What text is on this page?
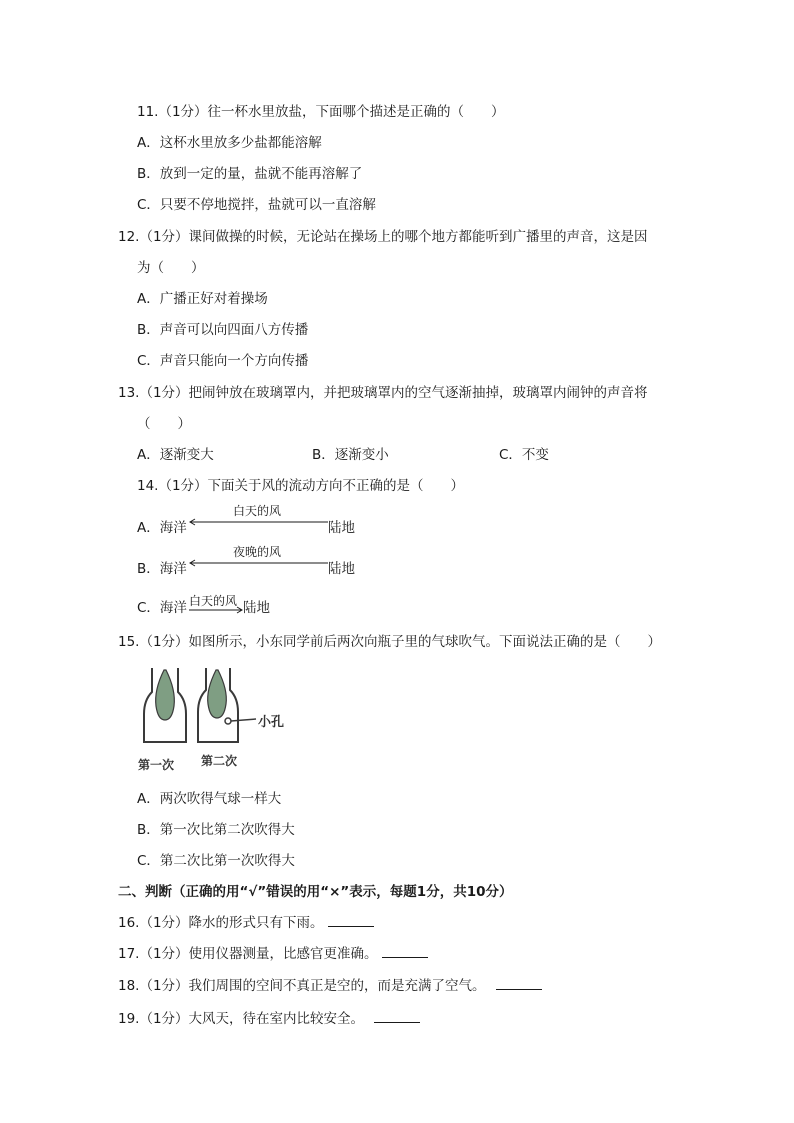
11.（1分）往一杯水里放盐，下面哪个描述是正确的（　　）
A．这杯水里放多少盐都能溶解
B．放到一定的量，盐就不能再溶解了
C．只要不停地搅拌，盐就可以一直溶解
12.（1分）课间做操的时候，无论站在操场上的哪个地方都能听到广播里的声音，这是因
为（　　）
A．广播正好对着操场
B．声音可以向四面八方传播
C．声音只能向一个方向传播
13.（1分）把闹钟放在玻璃罩内，并把玻璃罩内的空气逐渐抽掉，玻璃罩内闹钟的声音将
（　　）
A．逐渐变大	B．逐渐变小	C．不变
14.（1分）下面关于风的流动方向不正确的是（　　）
A．海洋
白天的风
陆地
B．海洋
夜晚的风
陆地
C．海洋 白天的风 陆地
15.（1分）如图所示，小东同学前后两次向瓶子里的气球吹气。下面说法正确的是（　　）
小孔
第一次 第二次
A．两次吹得气球一样大
B．第一次比第二次吹得大
C．第二次比第一次吹得大
二、判断（正确的用“√”错误的用“×”表示，每题1分，共10分）
16.（1分）降水的形式只有下雨。
17.（1分）使用仪器测量，比感官更准确。
18.（1分）我们周围的空间不真正是空的，而是充满了空气。
19.（1分）大风天，待在室内比较安全。
